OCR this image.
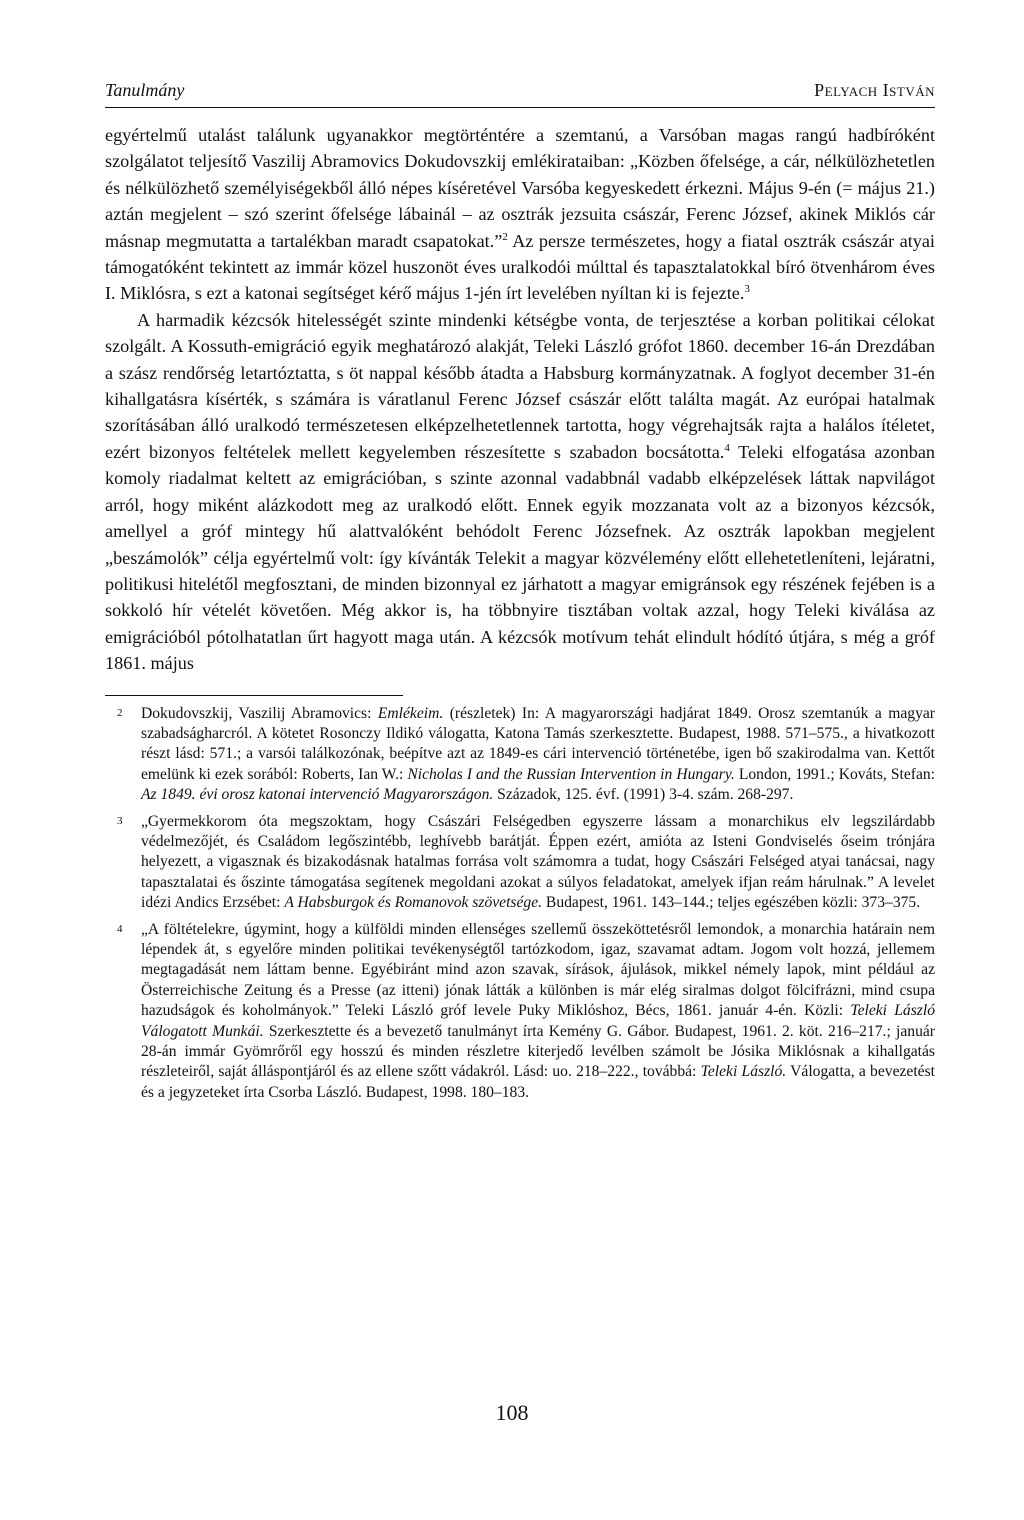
Tanulmány	Pelyach István

egyértelmű utalást találunk ugyanakkor megtörténtére a szemtanú, a Varsóban magas rangú hadbíróként szolgálatot teljesítő Vaszilij Abramovics Dokudovszkij emlékirataiban: „Közben őfelsége, a cár, nélkülözhetetlen és nélkülözhető személyiségekből álló népes kíséretével Varsóba kegyeskedett érkezni. Május 9-én (= május 21.) aztán megjelent – szó szerint őfelsége lábainál – az osztrák jezsuita császár, Ferenc József, akinek Miklós cár másnap megmutatta a tartalékban maradt csapatokat.”$^2$ Az persze természetes, hogy a fiatal osztrák császár atyai támogatóként tekintett az immár közel huszonöt éves uralkodói múlttal és tapasztalatokkal bíró ötvenhárom éves I. Miklósra, s ezt a katonai segítséget kérő május 1-jén írt levelében nyíltan ki is fejezte.$^3$

A harmadik kézcsók hitelességét szinte mindenki kétségbe vonta, de terjesztése a korban politikai célokat szolgált. A Kossuth-emigráció egyik meghatározó alakját, Teleki László grófot 1860. december 16-án Drezdában a szász rendőrség letartóztatta, s öt nappal később átadta a Habsburg kormányzatnak. A foglyot december 31-én kihallgatásra kísérték, s számára is váratlanul Ferenc József császár előtt találta magát. Az európai hatalmak szorításában álló uralkodó természetesen elképzelhetetlennek tartotta, hogy végrehajtsák rajta a halálos ítéletet, ezért bizonyos feltételek mellett kegyelemben részesítette s szabadon bocsátotta.$^4$ Teleki elfogatása azonban komoly riadalmat keltett az emigrációban, s szinte azonnal vadabbnál vadabb elképzelések láttak napvilágot arról, hogy miként alázkodott meg az uralkodó előtt. Ennek egyik mozzanata volt az a bizonyos kézcsók, amellyel a gróf mintegy hű alattvalóként behódolt Ferenc Józsefnek. Az osztrák lapokban megjelent „beszámolók” célja egyértelmű volt: így kívánták Telekit a magyar közvélemény előtt ellehetetleníteni, lejáratni, politikusi hitelétől megfosztani, de minden bizonnyal ez járhatott a magyar emigránsok egy részének fejében is a sokkoló hír vételét követően. Még akkor is, ha többnyire tisztában voltak azzal, hogy Teleki kiválása az emigrációból pótolhatatlan űrt hagyott maga után. A kézcsók motívum tehát elindult hódító útjára, s még a gróf 1861. május

2 Dokudovszkij, Vaszilij Abramovics: Emlékeim. (részletek) In: A magyarországi hadjárat 1849. Orosz szemtanúk a magyar szabadságharcról. A kötetet Rosonczy Ildikó válogatta, Katona Tamás szerkesztette. Budapest, 1988. 571–575., a hivatkozott részt lásd: 571.; a varsói találkozónak, beépítve azt az 1849-es cári intervenció történetébe, igen bő szakirodalma van. Kettőt emelünk ki ezek sorából: Roberts, Ian W.: Nicholas I and the Russian Intervention in Hungary. London, 1991.; Kováts, Stefan: Az 1849. évi orosz katonai intervenció Magyarországon. Századok, 125. évf. (1991) 3-4. szám. 268-297.
3 „Gyermekkorom óta megszoktam, hogy Császári Felségedben egyszerre lássam a monarchikus elv legszilárdabb védelmezőjét, és Családom legőszintébb, leghívebb barátját. Éppen ezért, amióta az Isteni Gondviselés őseim trónjára helyezett, a vigasznak és bizakodásnak hatalmas forrása volt számomra a tudat, hogy Császári Felséged atyai tanácsai, nagy tapasztalatai és őszinte támogatása segítenek megoldani azokat a súlyos feladatokat, amelyek ifjan reám hárulnak.” A levelet idézi Andics Erzsébet: A Habsburgok és Romanovok szövetsége. Budapest, 1961. 143–144.; teljes egészében közli: 373–375.
4 „A föltételekre, úgymint, hogy a külföldi minden ellenséges szellemű összeköttetésről lemondok, a monarchia határain nem lépendek át, s egyelőre minden politikai tevékenységtől tartózkodom, igaz, szavamat adtam. Jogom volt hozzá, jellemem megtagadását nem láttam benne. Egyébiránt mind azon szavak, sírások, ájulások, mikkel némely lapok, mint például az Österreichische Zeitung és a Presse (az itteni) jónak látták a különben is már elég siralmas dolgot fölcifrázni, mind csupa hazudságok és koholmányok.” Teleki László gróf levele Puky Miklóshoz, Bécs, 1861. január 4-én. Közli: Teleki László Válogatott Munkái. Szerkesztette és a bevezető tanulmányt írta Kemény G. Gábor. Budapest, 1961. 2. köt. 216–217.; január 28-án immár Gyömrőről egy hosszú és minden részletre kiterjedő levélben számolt be Jósika Miklósnak a kihallgatás részleteiről, saját álláspontjáról és az ellene szőtt vádakról. Lásd: uo. 218–222., továbbá: Teleki László. Válogatta, a bevezetést és a jegyzeteket írta Csorba László. Budapest, 1998. 180–183.
108
